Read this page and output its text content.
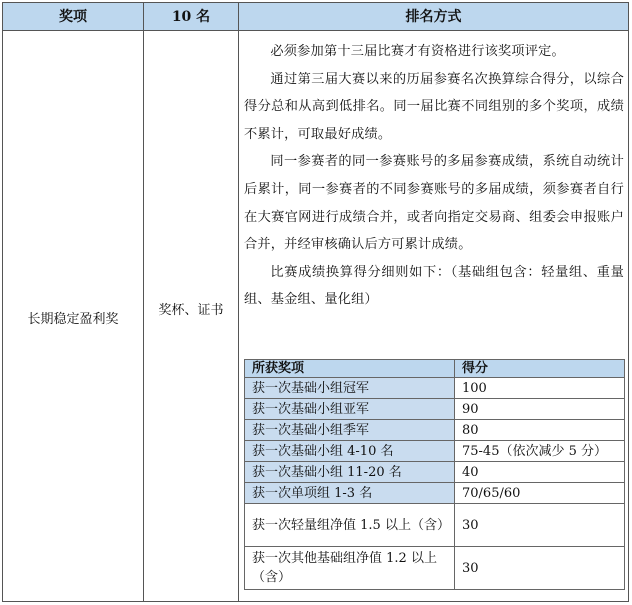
奖项	10 名	排名方式
长期稳定盈利奖
奖杯、证书

必须参加第十三届比赛才有资格进行该奖项评定。

通过第三届大赛以来的历届参赛名次换算综合得分，以综合得分总和从高到低排名。同一届比赛不同组别的多个奖项，成绩不累计，可取最好成绩。

同一参赛者的同一参赛账号的多届参赛成绩，系统自动统计后累计，同一参赛者的不同参赛账号的多届成绩，须参赛者自行在大赛官网进行成绩合并，或者向指定交易商、组委会申报账户合并，并经审核确认后方可累计成绩。

比赛成绩换算得分细则如下：（基础组包含：轻量组、重量组、基金组、量化组）

所获奖项	得分
获一次基础小组冠军	100
获一次基础小组亚军	90
获一次基础小组季军	80
获一次基础小组 4-10 名	75-45（依次减少 5 分）
获一次基础小组 11-20 名	40
获一次单项组 1-3 名	70/65/60
获一次轻量组净值 1.5 以上（含）	30
获一次其他基础组净值 1.2 以上（含）	30
